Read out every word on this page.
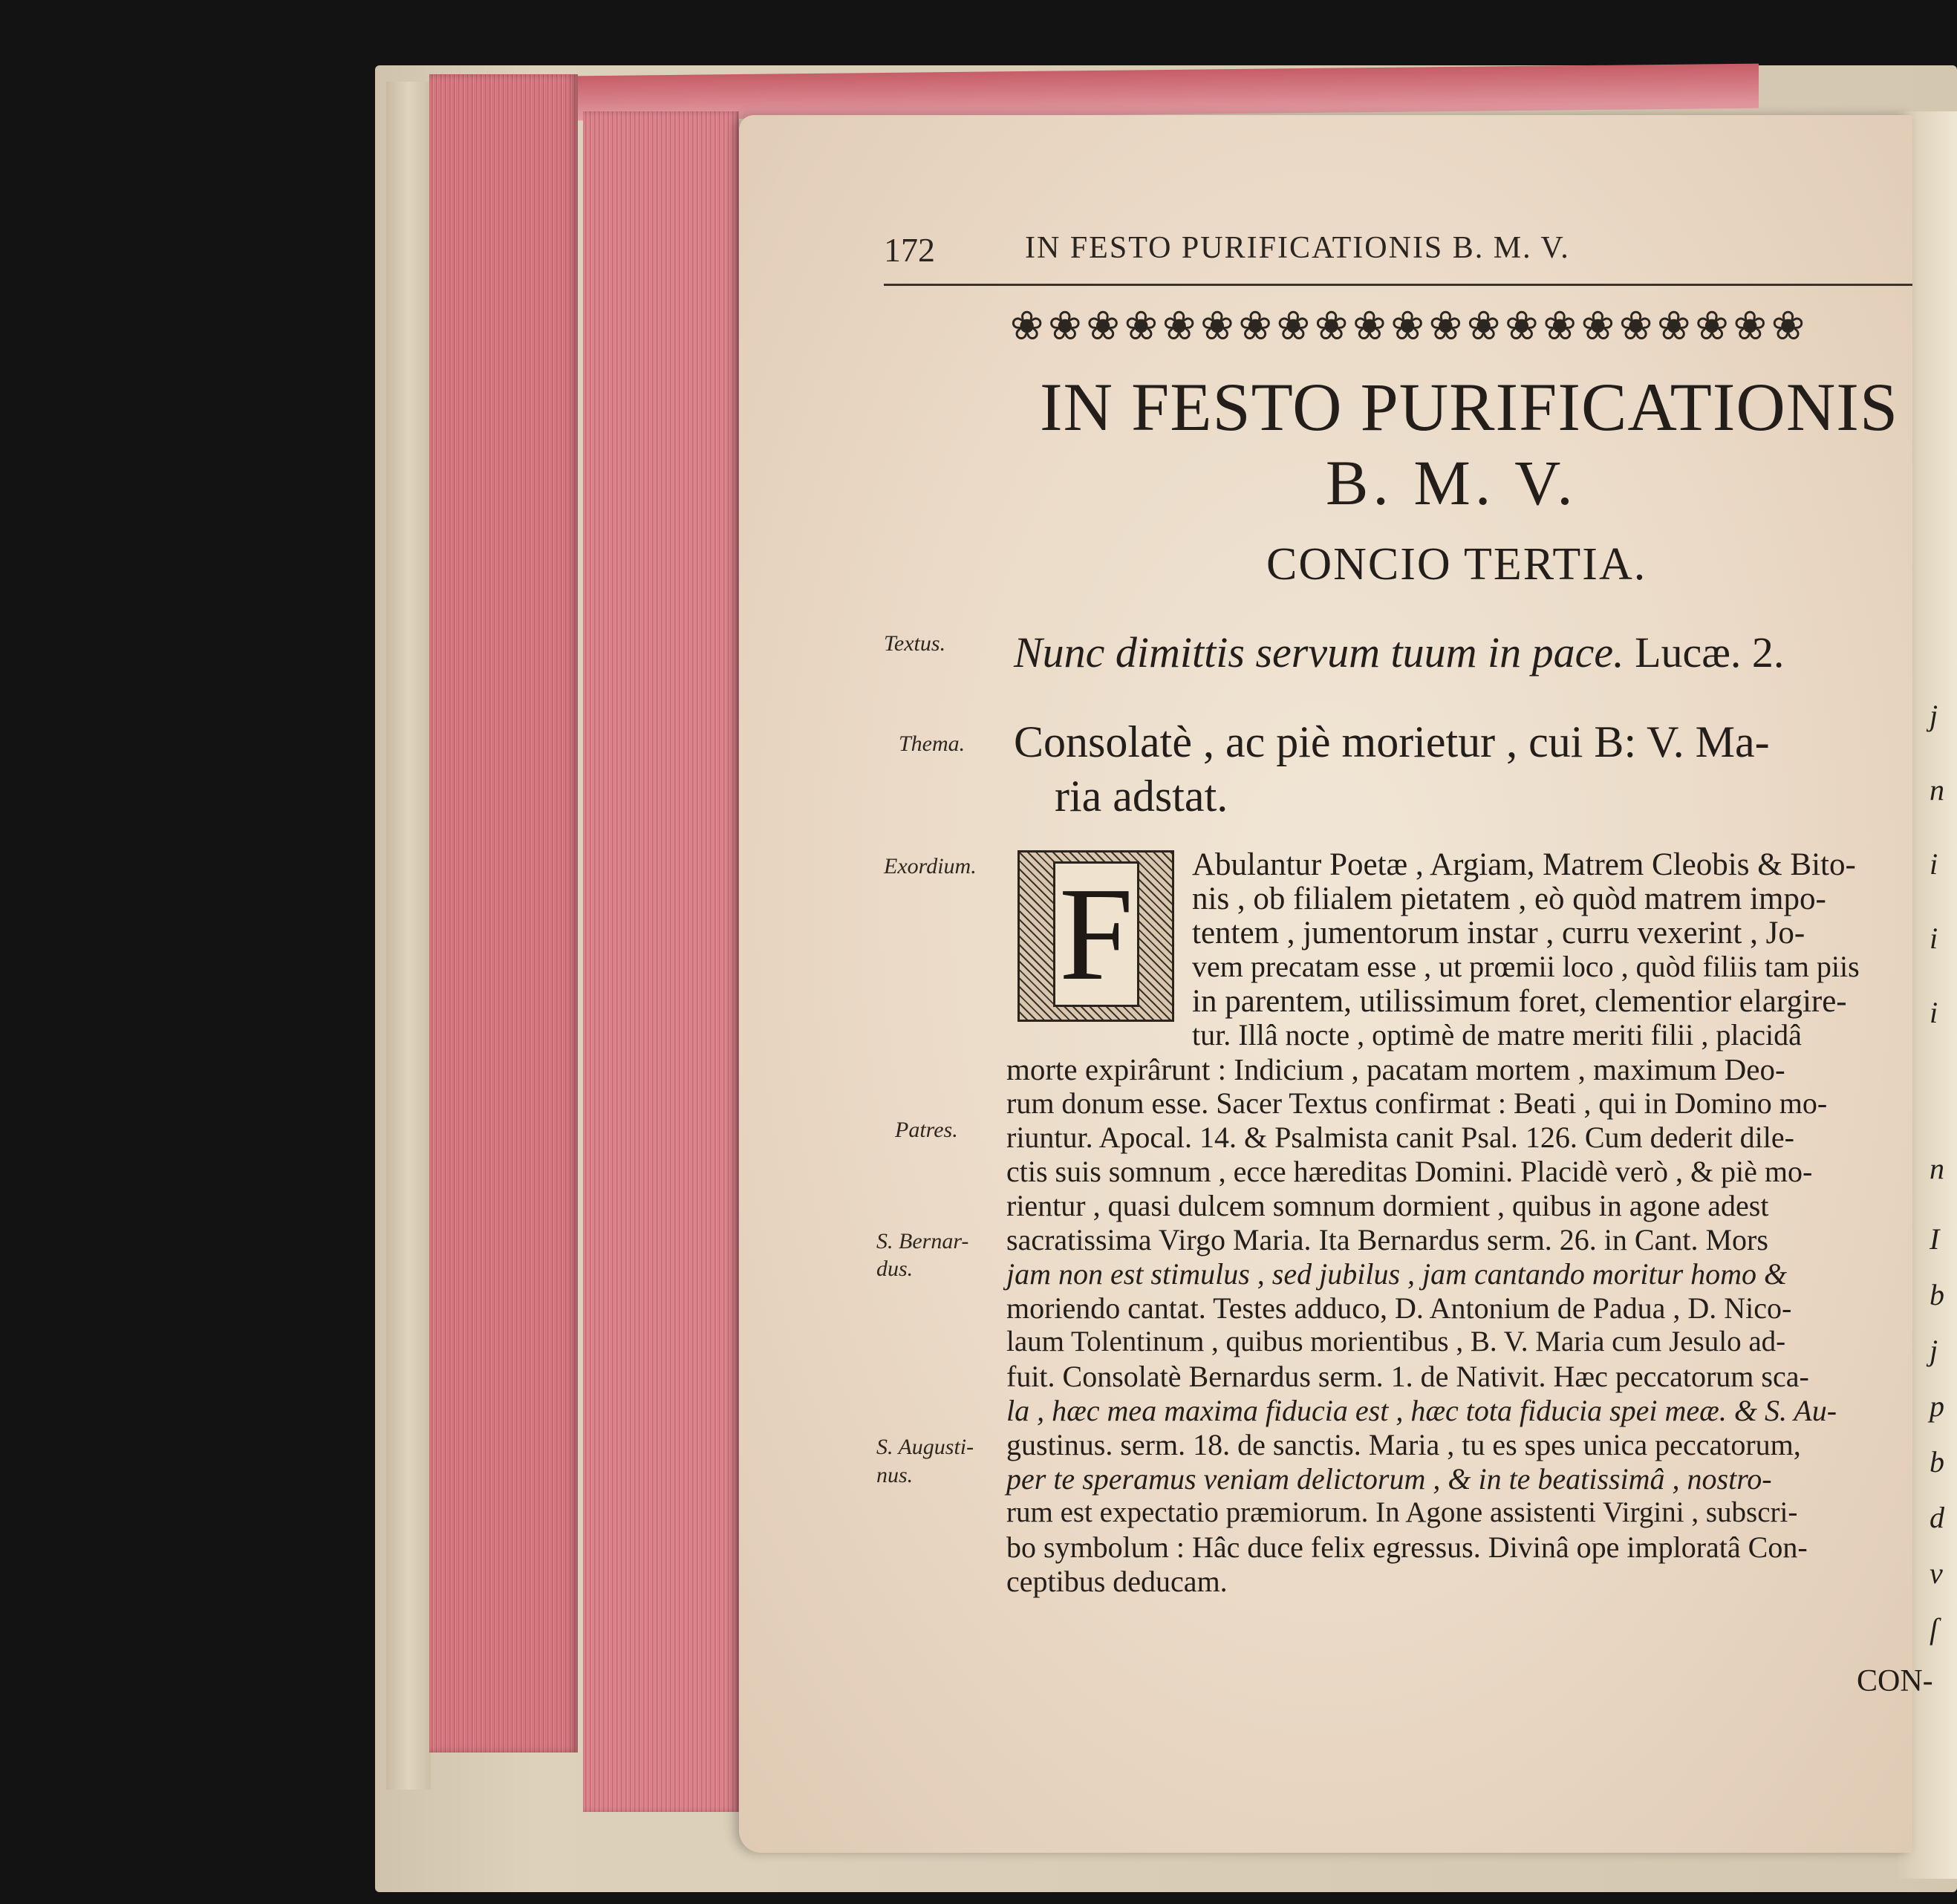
172	IN FESTO PURIFICATIONIS B. M. V.
❀❀❀❀❀❀❀❀❀❀❀❀❀❀❀❀❀❀❀❀❀
IN FESTO PURIFICATIONIS
B. M. V.
CONCIO TERTIA.
Textus. Nunc dimittis servum tuum in pace. Lucæ. 2.
Thema. Consolatè , ac piè morietur , cui B: V. Ma-
ria adstat.
Exordium. F
Patres.
S. Bernar-
dus.
S. Augusti-
nus.
Abulantur Poetæ , Argiam, Matrem Cleobis & Bito-
nis , ob filialem pietatem , eò quòd matrem impo-
tentem , jumentorum instar , curru vexerint , Jo-
vem precatam esse , ut prœmii loco , quòd filiis tam piis
in parentem, utilissimum foret, clementior elargire-
tur. Illâ nocte , optimè de matre meriti filii , placidâ
morte expirârunt : Indicium , pacatam mortem , maximum Deo-
rum donum esse. Sacer Textus confirmat : Beati , qui in Domino mo-
riuntur. Apocal. 14. & Psalmista canit Psal. 126. Cum dederit dile-
ctis suis somnum , ecce hæreditas Domini. Placidè verò , & piè mo-
rientur , quasi dulcem somnum dormient , quibus in agone adest
sacratissima Virgo Maria. Ita Bernardus serm. 26. in Cant. Mors
jam non est stimulus , sed jubilus , jam cantando moritur homo &
moriendo cantat. Testes adduco, D. Antonium de Padua , D. Nico-
laum Tolentinum , quibus morientibus , B. V. Maria cum Jesulo ad-
fuit. Consolatè Bernardus serm. 1. de Nativit. Hæc peccatorum sca-
la , hæc mea maxima fiducia est , hæc tota fiducia spei meæ. & S. Au-
gustinus. serm. 18. de sanctis. Maria , tu es spes unica peccatorum,
per te speramus veniam delictorum , & in te beatissimâ , nostro-
rum est expectatio præmiorum. In Agone assistenti Virgini , subscri-
bo symbolum : Hâc duce felix egressus. Divinâ ope imploratâ Con-
ceptibus deducam.
CON-
j
n
i
i
i
n
I
b
j
p
b
d
v
ſ
